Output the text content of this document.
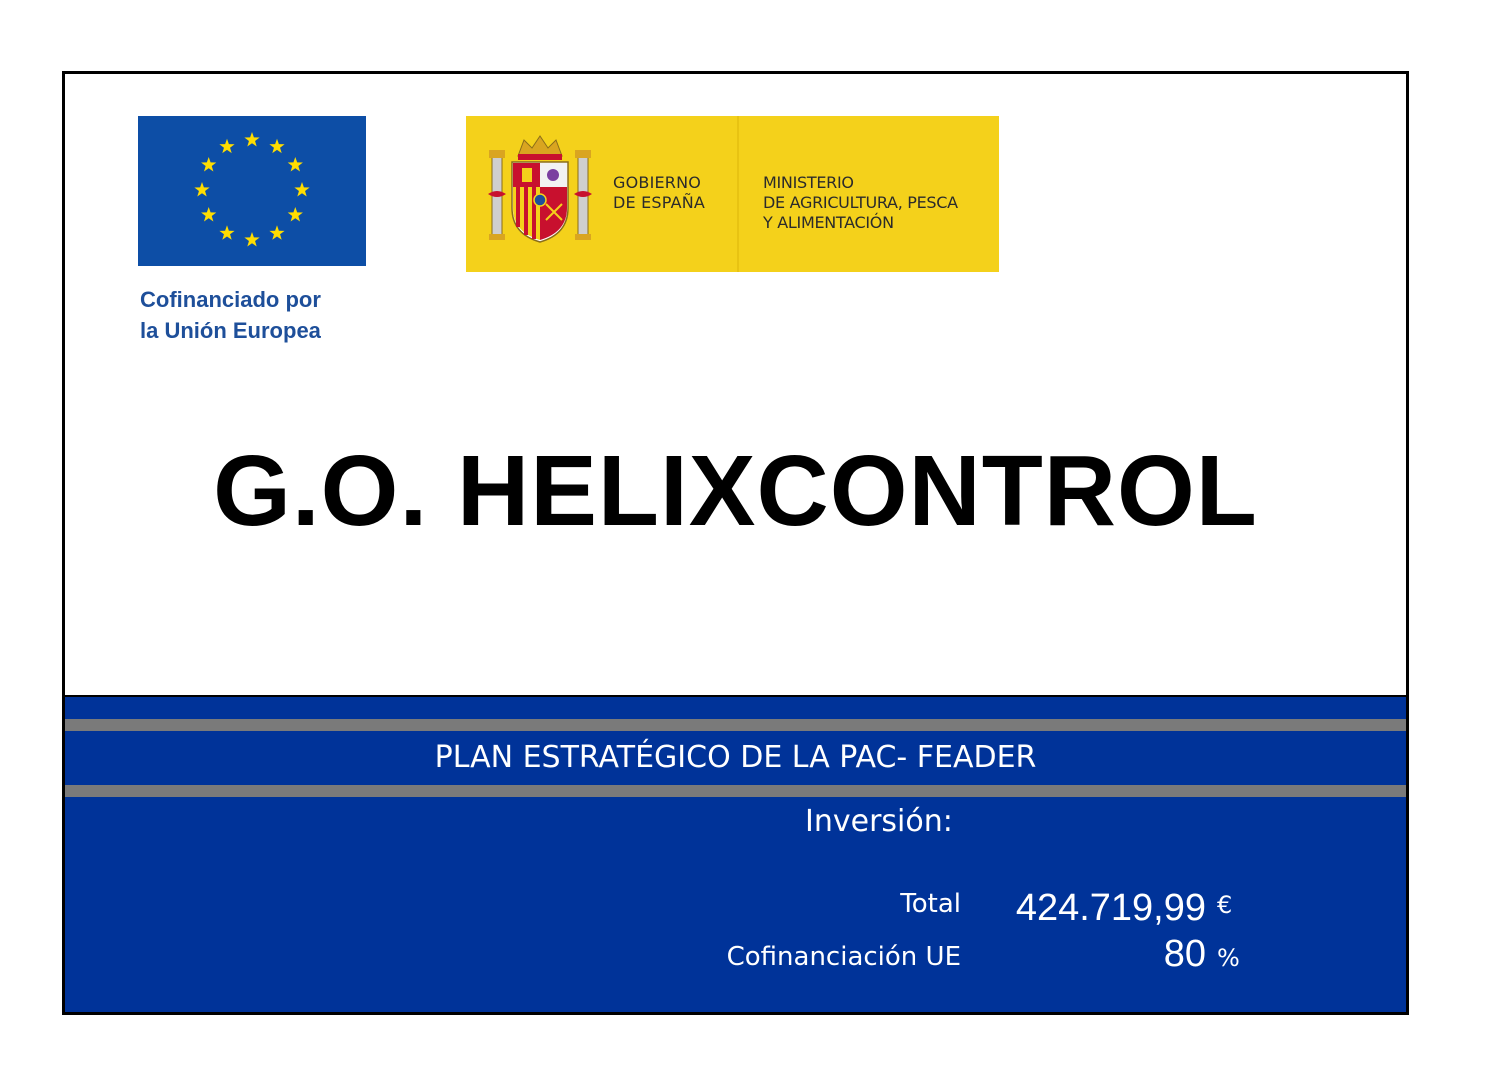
Cofinanciado por
la Unión Europea
GOBIERNO
DE ESPAÑA
MINISTERIO
DE AGRICULTURA, PESCA
Y ALIMENTACIÓN
G.O. HELIXCONTROL
PLAN ESTRATÉGICO DE LA PAC- FEADER
Inversión:
Total 424.719,99 €
Cofinanciación UE	80 %
